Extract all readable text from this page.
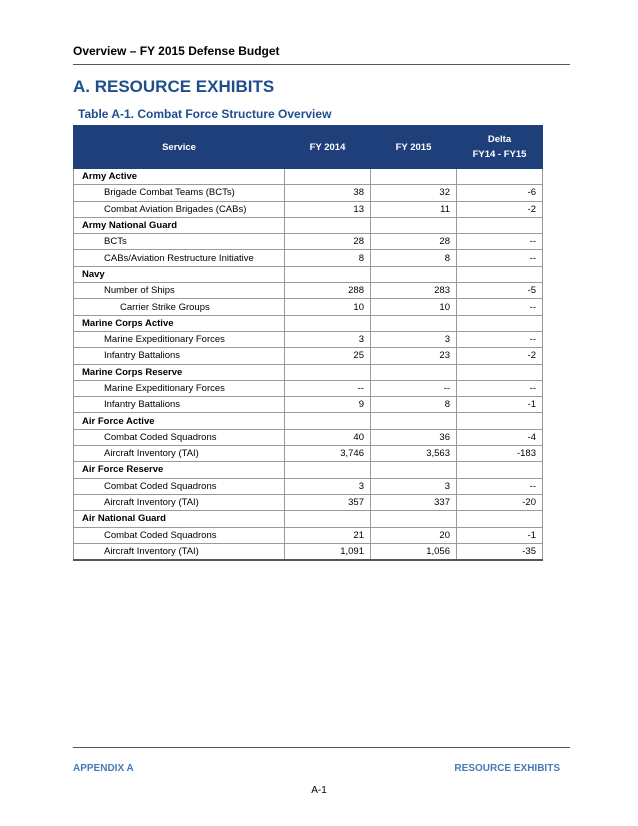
Overview – FY 2015 Defense Budget
A. RESOURCE EXHIBITS
Table A-1. Combat Force Structure Overview
Service	FY 2014	FY 2015	Delta
FY14 - FY15

Army Active			
Brigade Combat Teams (BCTs)	38	32	-6
Combat Aviation Brigades (CABs)	13	11	-2
Army National Guard			
BCTs	28	28	--
CABs/Aviation Restructure Initiative	8	8	--
Navy			
Number of Ships	288	283	-5
Carrier Strike Groups	10	10	--
Marine Corps Active			
Marine Expeditionary Forces	3	3	--
Infantry Battalions	25	23	-2
Marine Corps Reserve			
Marine Expeditionary Forces	--	--	--
Infantry Battalions	9	8	-1
Air Force Active			
Combat Coded Squadrons	40	36	-4
Aircraft Inventory (TAI)	3,746	3,563	-183
Air Force Reserve			
Combat Coded Squadrons	3	3	--
Aircraft Inventory (TAI)	357	337	-20
Air National Guard			
Combat Coded Squadrons	21	20	-1
Aircraft Inventory (TAI)	1,091	1,056	-35
APPENDIX A	RESOURCE EXHIBITS
A-1
